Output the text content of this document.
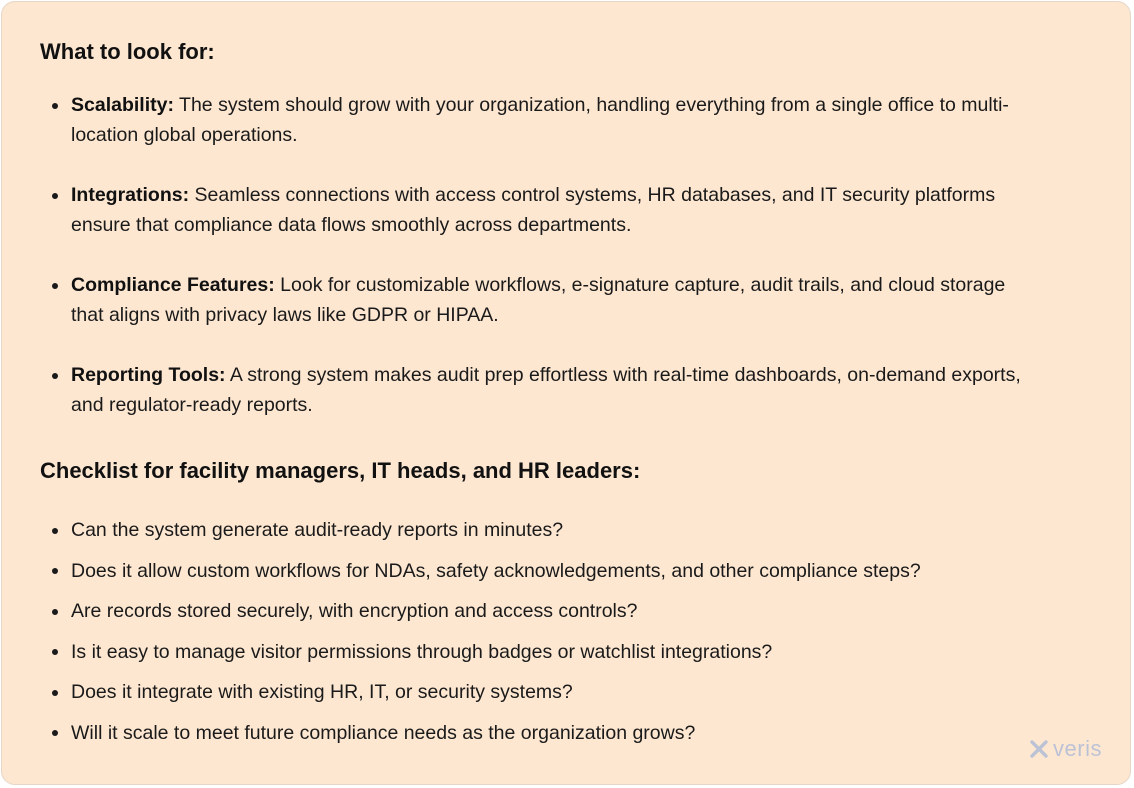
What to look for:
Scalability: The system should grow with your organization, handling everything from a single office to multi-location global operations.
Integrations: Seamless connections with access control systems, HR databases, and IT security platforms ensure that compliance data flows smoothly across departments.
Compliance Features: Look for customizable workflows, e-signature capture, audit trails, and cloud storage that aligns with privacy laws like GDPR or HIPAA.
Reporting Tools: A strong system makes audit prep effortless with real-time dashboards, on-demand exports, and regulator-ready reports.
Checklist for facility managers, IT heads, and HR leaders:
Can the system generate audit-ready reports in minutes?
Does it allow custom workflows for NDAs, safety acknowledgements, and other compliance steps?
Are records stored securely, with encryption and access controls?
Is it easy to manage visitor permissions through badges or watchlist integrations?
Does it integrate with existing HR, IT, or security systems?
Will it scale to meet future compliance needs as the organization grows?
veris
